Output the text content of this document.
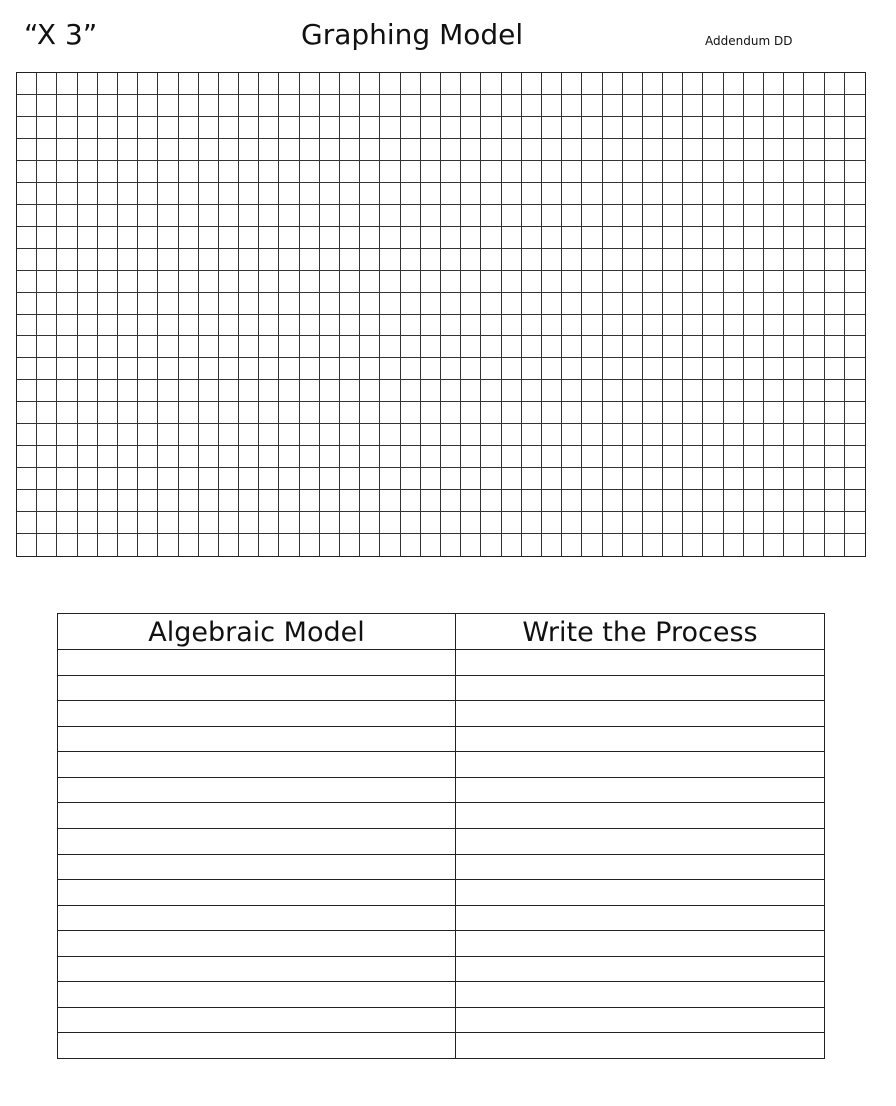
“X 3”	Graphing Model	Addendum DD
Algebraic Model	Write the Process
